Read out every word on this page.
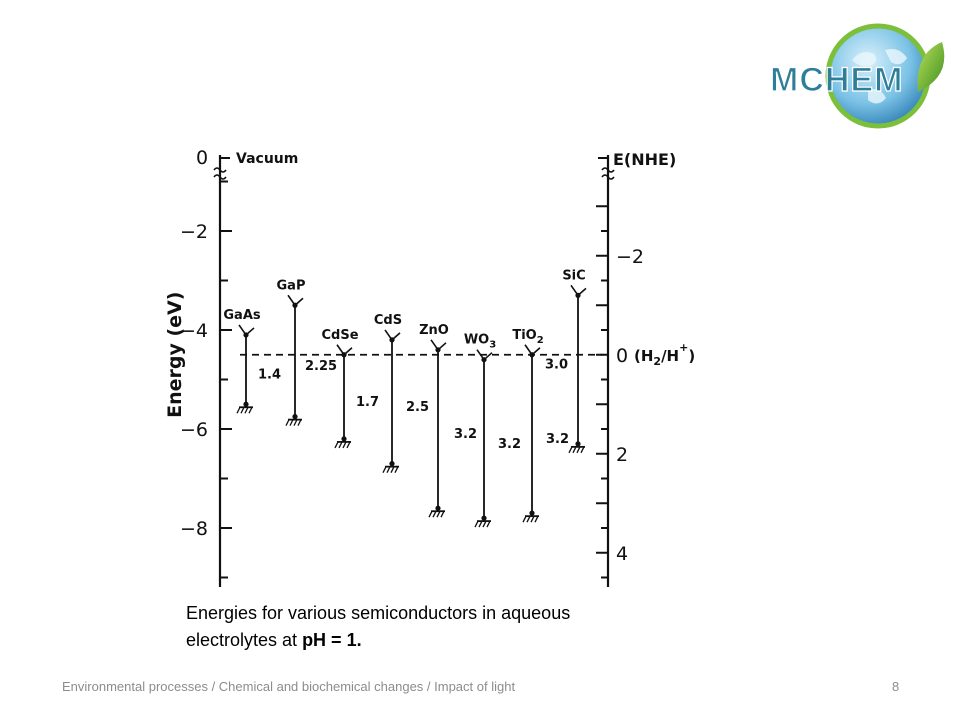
MCHEM
0 Vacuum
−2
−4
−6
−8
Energy (eV)
E(NHE)
−2
2
4
0 $(H_2/H^+)$
GaAs
1.4
GaP
2.25
CdSe
1.7
CdS
2.5
ZnO
3.2
$WO_3$
3.2
TiO$_2$
3.2
SiC
3.0
Energies for various semiconductors in aqueous
electrolytes at pH = 1.
Environmental processes / Chemical and biochemical changes / Impact of light	8
